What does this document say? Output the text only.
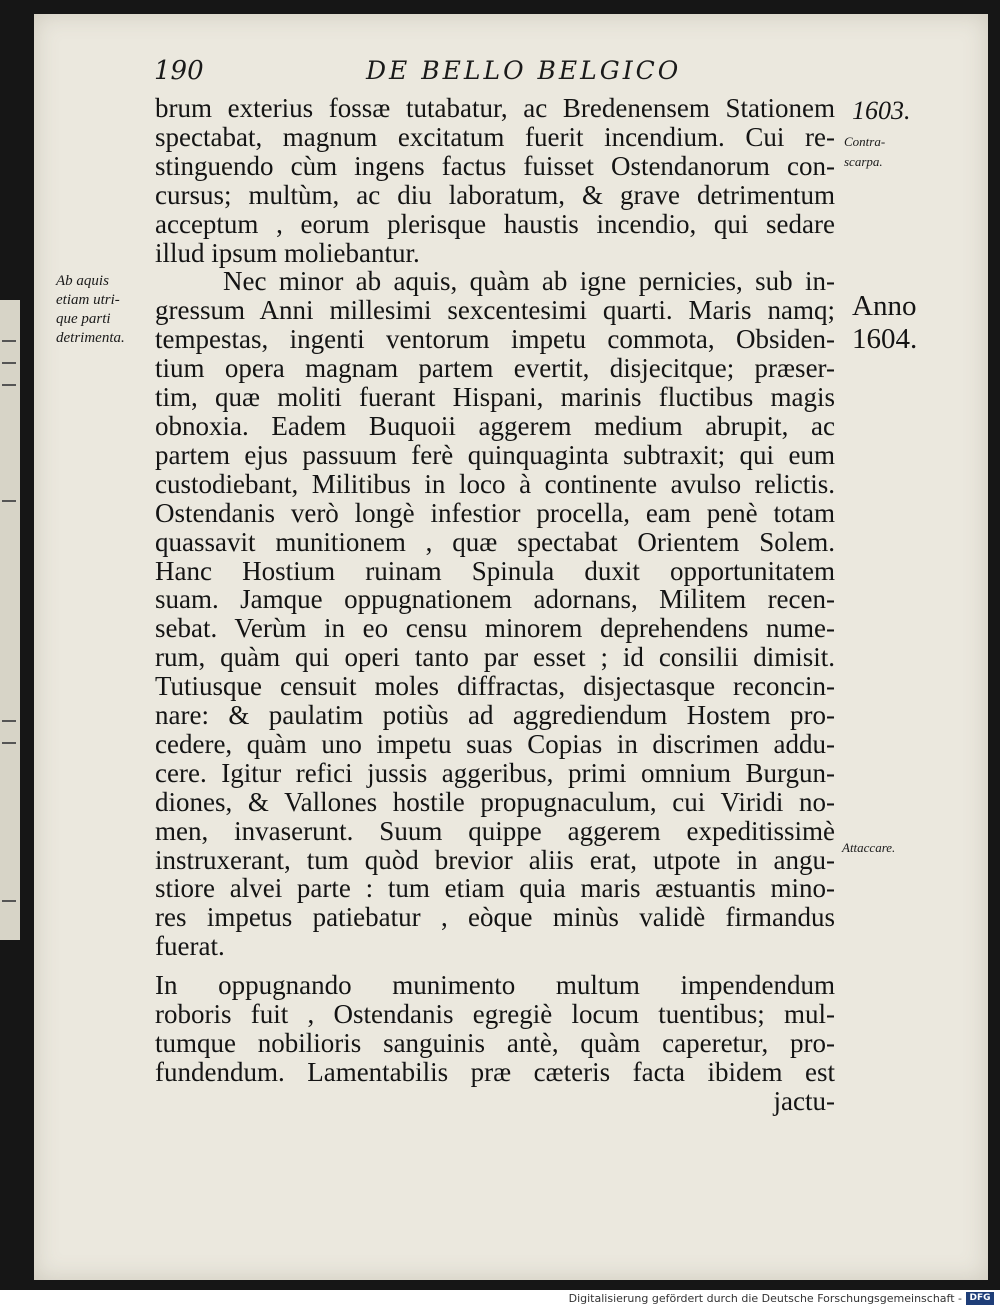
190	DE BELLO BELGICO
1603.
Contra-
scarpa.
Ab aquis
etiam utri-
que parti
detrimenta.
Anno
1604.
Attaccare.
brum exterius fossæ tutabatur, ac Bredenensem Stationem
spectabat, magnum excitatum fuerit incendium. Cui re-
stinguendo cùm ingens factus fuisset Ostendanorum con-
cursus; multùm, ac diu laboratum, & grave detrimentum
acceptum , eorum plerisque haustis incendio, qui sedare
illud ipsum moliebantur.
Nec minor ab aquis, quàm ab igne pernicies, sub in-
gressum Anni millesimi sexcentesimi quarti. Maris namq;
tempestas, ingenti ventorum impetu commota, Obsiden-
tium opera magnam partem evertit, disjecitque; præser-
tim, quæ moliti fuerant Hispani, marinis fluctibus magis
obnoxia. Eadem Buquoii aggerem medium abrupit, ac
partem ejus passuum ferè quinquaginta subtraxit; qui eum
custodiebant, Militibus in loco à continente avulso relictis.
Ostendanis verò longè infestior procella, eam penè totam
quassavit munitionem , quæ spectabat Orientem Solem.
Hanc Hostium ruinam Spinula duxit opportunitatem
suam. Jamque oppugnationem adornans, Militem recen-
sebat. Verùm in eo censu minorem deprehendens nume-
rum, quàm qui operi tanto par esset ; id consilii dimisit.
Tutiusque censuit moles diffractas, disjectasque reconcin-
nare: & paulatim potiùs ad aggrediendum Hostem pro-
cedere, quàm uno impetu suas Copias in discrimen addu-
cere. Igitur refici jussis aggeribus, primi omnium Burgun-
diones, & Vallones hostile propugnaculum, cui Viridi no-
men, invaserunt. Suum quippe aggerem expeditissimè
instruxerant, tum quòd brevior aliis erat, utpote in angu-
stiore alvei parte : tum etiam quia maris æstuantis mino-
res impetus patiebatur , eòque minùs validè firmandus
fuerat.
In oppugnando munimento multum impendendum
roboris fuit , Ostendanis egregiè locum tuentibus; mul-
tumque nobilioris sanguinis antè, quàm caperetur, pro-
fundendum. Lamentabilis præ cæteris facta ibidem est
jactu-
Digitalisierung gefördert durch die Deutsche Forschungsgemeinschaft - DFG
